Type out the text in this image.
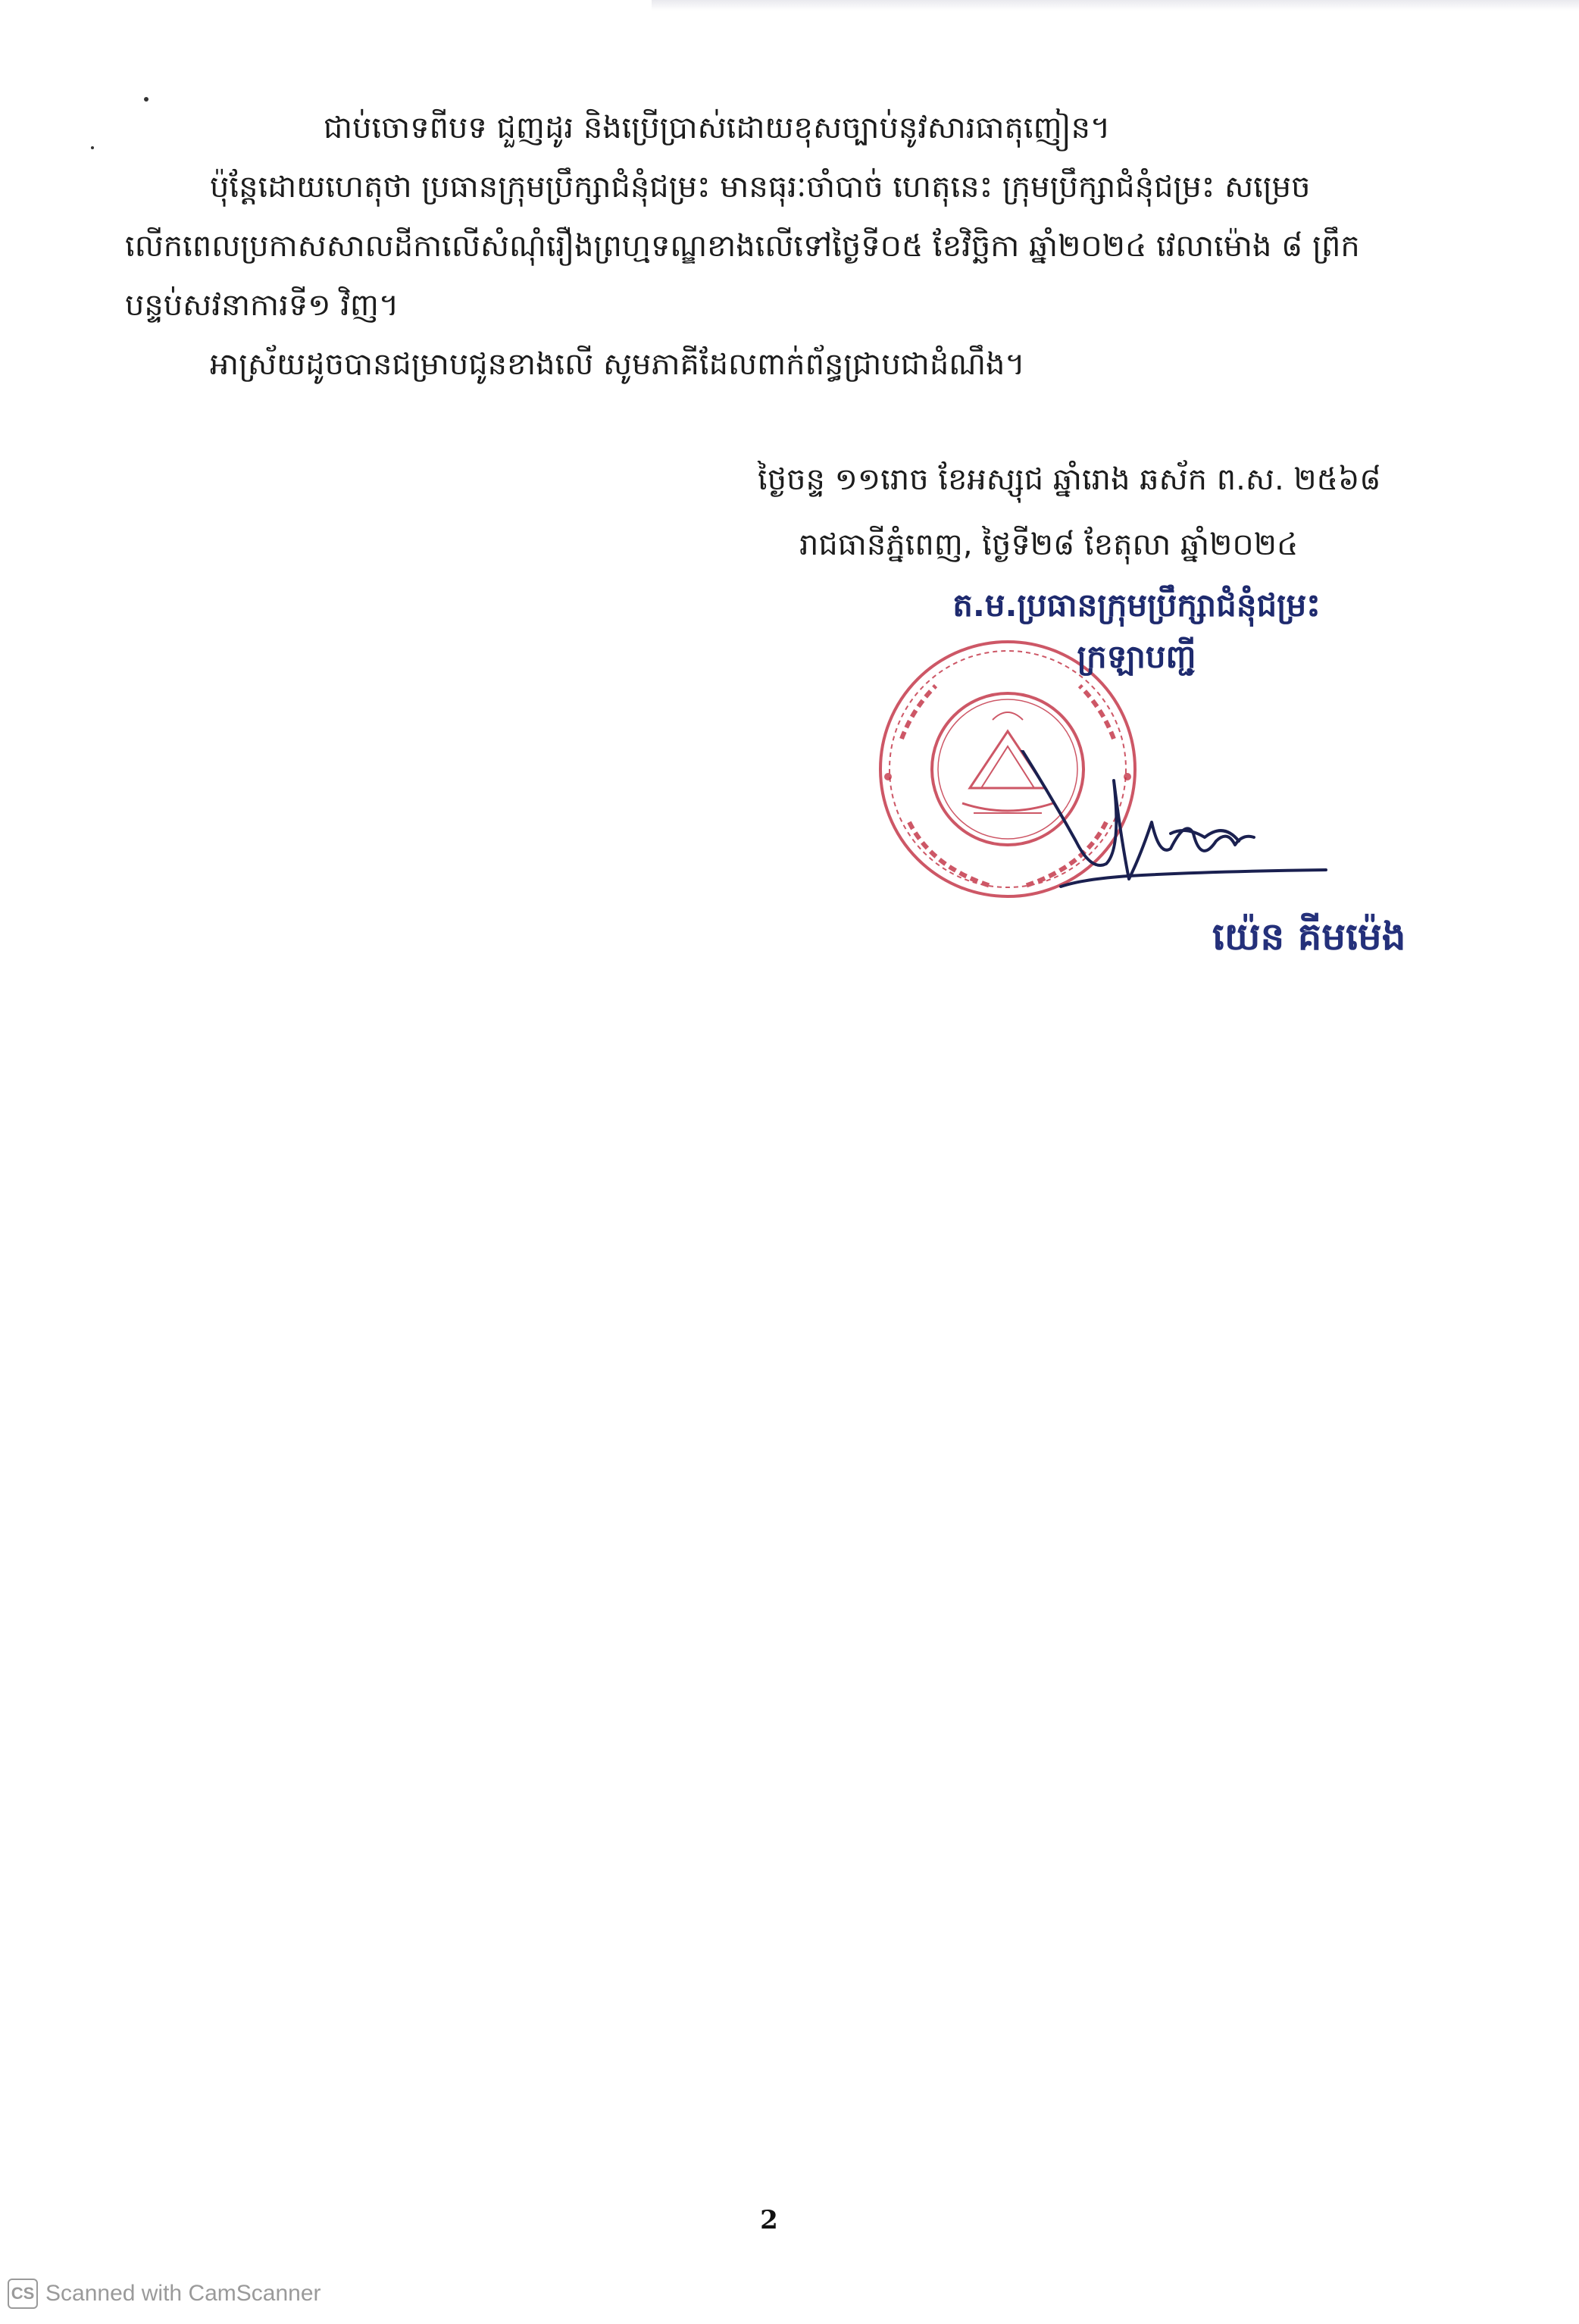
ជាប់ចោទពីបទ ជួញដូរ និងប្រើប្រាស់ដោយខុសច្បាប់នូវសារធាតុញៀន។

ប៉ុន្តែដោយហេតុថា ប្រធានក្រុមប្រឹក្សាជំនុំជម្រះ មានធុរៈចាំបាច់ ហេតុនេះ ក្រុមប្រឹក្សាជំនុំជម្រះ សម្រេច

លើកពេលប្រកាសសាលដីកាលើសំណុំរឿងព្រហ្មទណ្ឌខាងលើទៅថ្ងៃទី០៥ ខែវិច្ឆិកា ឆ្នាំ២០២៤ វេលាម៉ោង ៨ ព្រឹក

បន្ទប់សវនាការទី១ វិញ។

អាស្រ័យដូចបានជម្រាបជូនខាងលើ សូមភាគីដែលពាក់ព័ន្ធជ្រាបជាដំណឹង។

ថ្ងៃចន្ទ ១១រោច ខែអស្សុជ ឆ្នាំរោង ឆស័ក ព.ស. ២៥៦៨
រាជធានីភ្នំពេញ, ថ្ងៃទី២៨ ខែតុលា ឆ្នាំ២០២៤
ត.ម.ប្រធានក្រុមប្រឹក្សាជំនុំជម្រះ
ក្រឡាបញ្ជី
យ៉េន គីមម៉េង
2
CS Scanned with CamScanner
